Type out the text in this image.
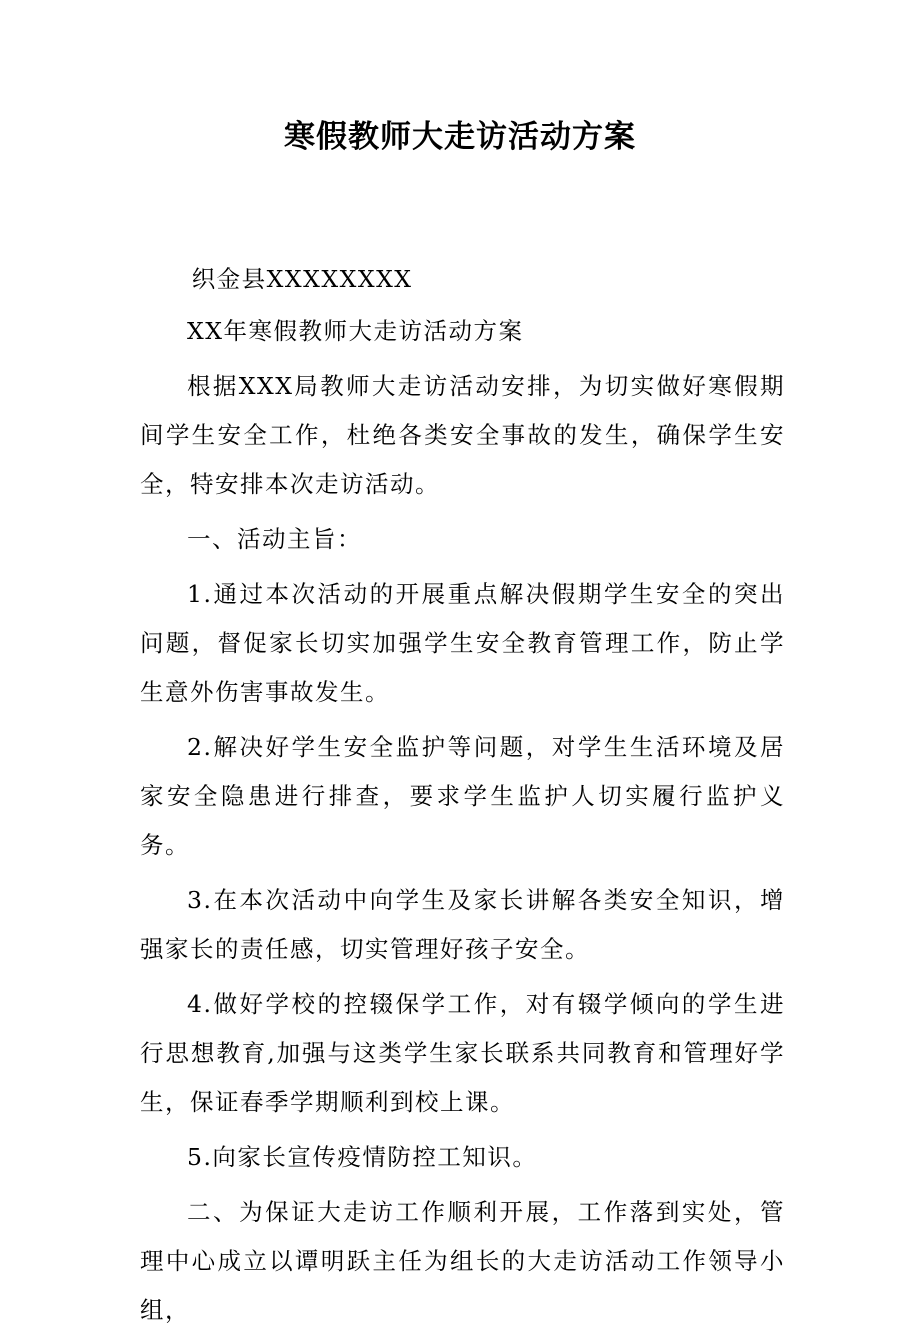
寒假教师大走访活动方案

织金县XXXXXXXX

XX年寒假教师大走访活动方案

根据XXX局教师大走访活动安排，为切实做好寒假期间学生安全工作，杜绝各类安全事故的发生，确保学生安全，特安排本次走访活动。

一、活动主旨：

1.通过本次活动的开展重点解决假期学生安全的突出问题，督促家长切实加强学生安全教育管理工作，防止学生意外伤害事故发生。

2.解决好学生安全监护等问题，对学生生活环境及居家安全隐患进行排查，要求学生监护人切实履行监护义务。

3.在本次活动中向学生及家长讲解各类安全知识，增强家长的责任感，切实管理好孩子安全。

4.做好学校的控辍保学工作，对有辍学倾向的学生进行思想教育,加强与这类学生家长联系共同教育和管理好学生，保证春季学期顺利到校上课。

5.向家长宣传疫情防控工知识。

二、为保证大走访工作顺利开展，工作落到实处，管理中心成立以谭明跃主任为组长的大走访活动工作领导小组，
